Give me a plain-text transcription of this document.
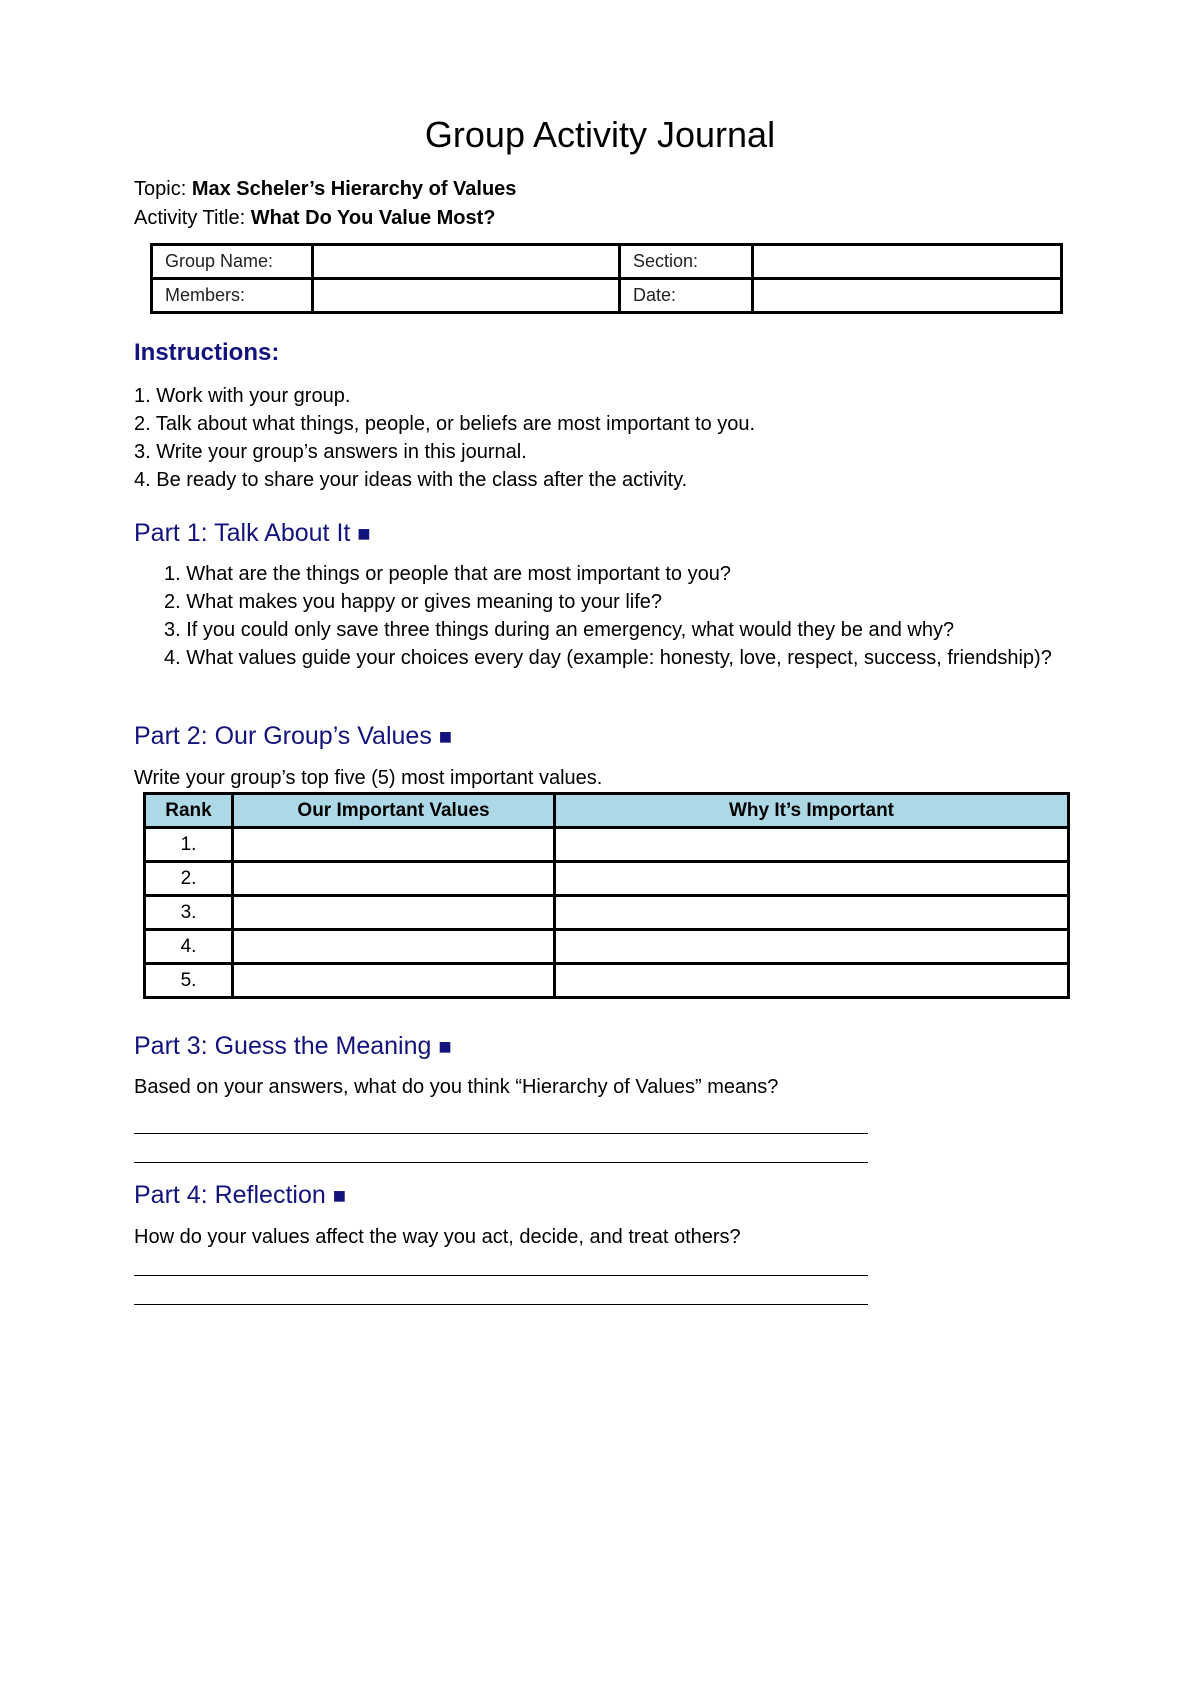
Group Activity Journal
Topic: Max Scheler’s Hierarchy of Values
Activity Title: What Do You Value Most?
Group Name:		Section:	
Members:		Date:	
Instructions:
1. Work with your group.
2. Talk about what things, people, or beliefs are most important to you.
3. Write your group’s answers in this journal.
4. Be ready to share your ideas with the class after the activity.
Part 1: Talk About It ■
1. What are the things or people that are most important to you?
2. What makes you happy or gives meaning to your life?
3. If you could only save three things during an emergency, what would they be and why?
4. What values guide your choices every day (example: honesty, love, respect, success, friendship)?
Part 2: Our Group’s Values ■
Write your group’s top five (5) most important values.
Rank	Our Important Values	Why It’s Important
1.		
2.		
3.		
4.		
5.		
Part 3: Guess the Meaning ■
Based on your answers, what do you think “Hierarchy of Values” means?
Part 4: Reflection ■
How do your values affect the way you act, decide, and treat others?
